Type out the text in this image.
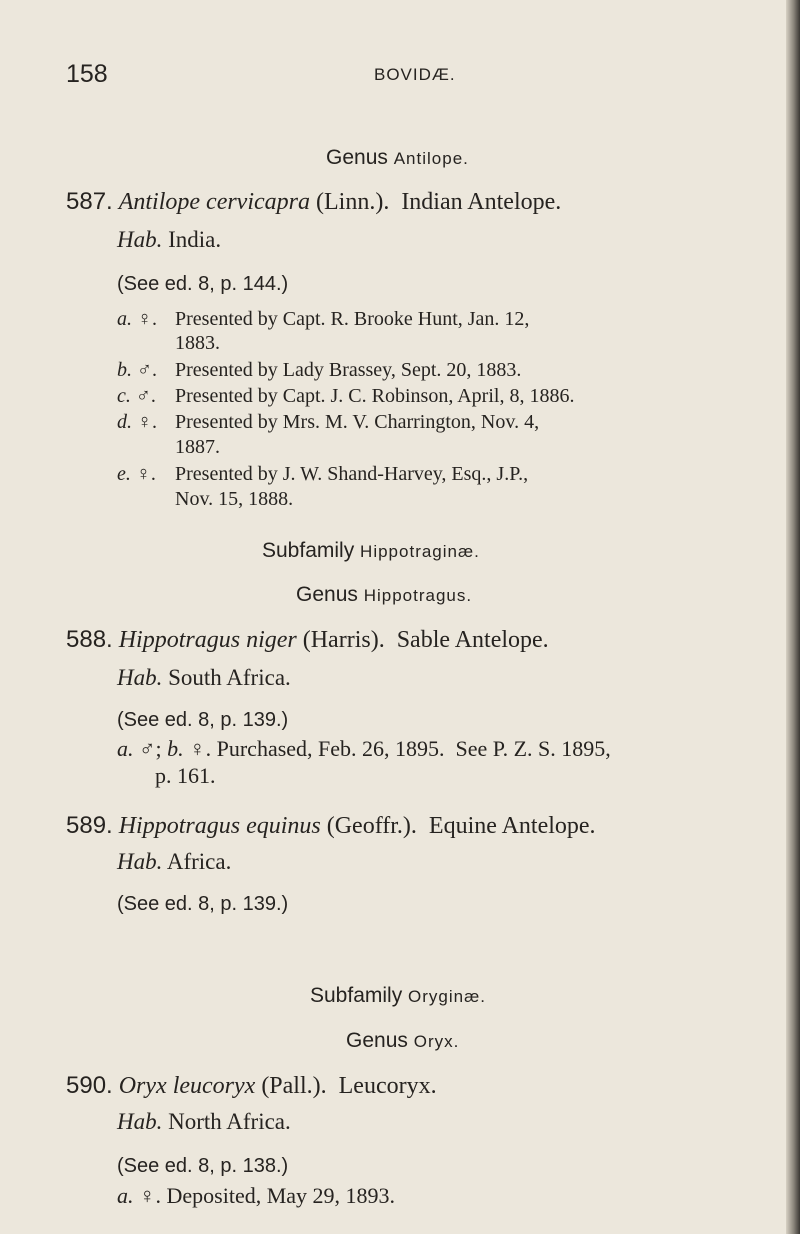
158	BOVIDÆ.
Genus Antilope.
587. Antilope cervicapra (Linn.). Indian Antelope.
Hab. India.
(See ed. 8, p. 144.)
a. ♀. Presented by Capt. R. Brooke Hunt, Jan. 12,
1883.
b. ♂. Presented by Lady Brassey, Sept. 20, 1883.
c. ♂. Presented by Capt. J. C. Robinson, April, 8, 1886.
d. ♀. Presented by Mrs. M. V. Charrington, Nov. 4,
1887.
e. ♀. Presented by J. W. Shand-Harvey, Esq., J.P.,
Nov. 15, 1888.
Subfamily Hippotraginæ.
Genus Hippotragus.
588. Hippotragus niger (Harris). Sable Antelope.
Hab. South Africa.
(See ed. 8, p. 139.)
a. ♂; b. ♀. Purchased, Feb. 26, 1895. See P. Z. S. 1895,
p. 161.
589. Hippotragus equinus (Geoffr.). Equine Antelope.
Hab. Africa.
(See ed. 8, p. 139.)
Subfamily Oryginæ.
Genus Oryx.
590. Oryx leucoryx (Pall.). Leucoryx.
Hab. North Africa.
(See ed. 8, p. 138.)
a. ♀. Deposited, May 29, 1893.
